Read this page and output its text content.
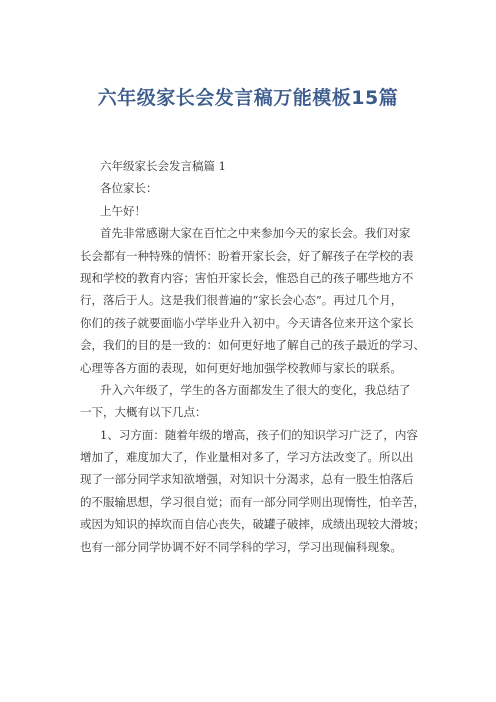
六年级家长会发言稿万能模板15篇
六年级家长会发言稿篇 1
各位家长：
上午好！
首先非常感谢大家在百忙之中来参加今天的家长会。我们对家
长会都有一种特殊的情怀：盼着开家长会，好了解孩子在学校的表
现和学校的教育内容；害怕开家长会，惟恐自己的孩子哪些地方不
行，落后于人。这是我们很普遍的“家长会心态”。再过几个月，
你们的孩子就要面临小学毕业升入初中。今天请各位来开这个家长
会，我们的目的是一致的：如何更好地了解自己的孩子最近的学习、
心理等各方面的表现，如何更好地加强学校教师与家长的联系。
升入六年级了，学生的各方面都发生了很大的变化，我总结了
一下，大概有以下几点：
1、习方面：随着年级的增高，孩子们的知识学习广泛了，内容
增加了，难度加大了，作业量相对多了，学习方法改变了。所以出
现了一部分同学求知欲增强，对知识十分渴求，总有一股生怕落后
的不服输思想，学习很自觉；而有一部分同学则出现惰性，怕辛苦，
或因为知识的掉坎而自信心丧失，破罐子破摔，成绩出现较大滑坡；
也有一部分同学协调不好不同学科的学习，学习出现偏科现象。
